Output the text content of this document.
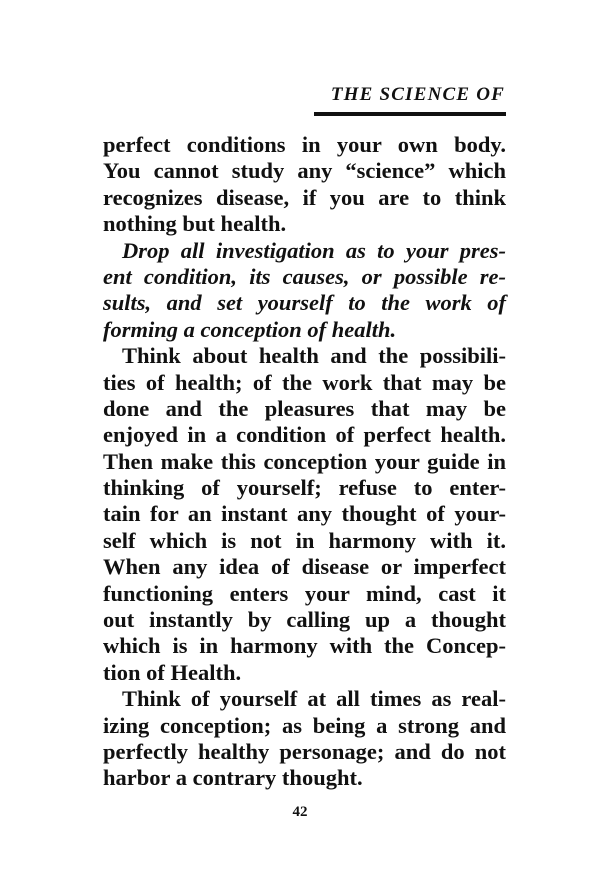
THE SCIENCE OF
perfect conditions in your own body.
You cannot study any “science” which
recognizes disease, if you are to think
nothing but health.
Drop all investigation as to your pres-
ent condition, its causes, or possible re-
sults, and set yourself to the work of
forming a conception of health.
Think about health and the possibili-
ties of health; of the work that may be
done and the pleasures that may be
enjoyed in a condition of perfect health.
Then make this conception your guide in
thinking of yourself; refuse to enter-
tain for an instant any thought of your-
self which is not in harmony with it.
When any idea of disease or imperfect
functioning enters your mind, cast it
out instantly by calling up a thought
which is in harmony with the Concep-
tion of Health.
Think of yourself at all times as real-
izing conception; as being a strong and
perfectly healthy personage; and do not
harbor a contrary thought.
42
